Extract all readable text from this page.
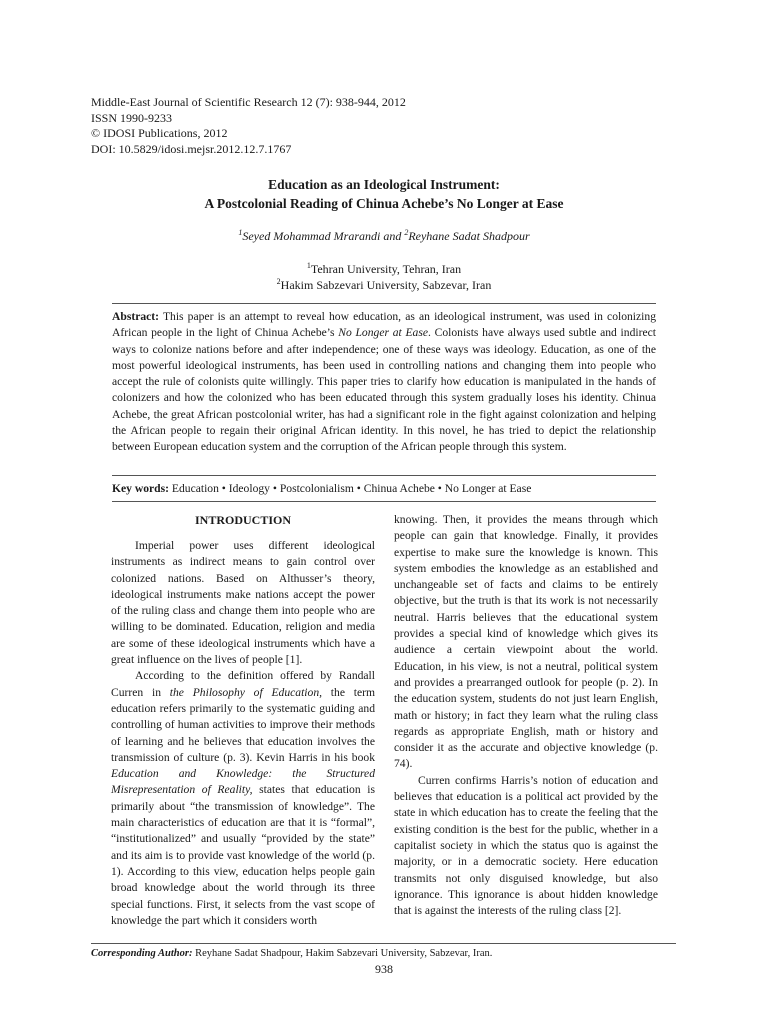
Middle-East Journal of Scientific Research 12 (7): 938-944, 2012
ISSN 1990-9233
© IDOSI Publications, 2012
DOI: 10.5829/idosi.mejsr.2012.12.7.1767
Education as an Ideological Instrument:
A Postcolonial Reading of Chinua Achebe’s No Longer at Ease
$^1$Seyed Mohammad Mrarandi and $^2$Reyhane Sadat Shadpour
$^1$Tehran University, Tehran, Iran
$^2$Hakim Sabzevari University, Sabzevar, Iran
Abstract: This paper is an attempt to reveal how education, as an ideological instrument, was used in colonizing African people in the light of Chinua Achebe’s No Longer at Ease. Colonists have always used subtle and indirect ways to colonize nations before and after independence; one of these ways was ideology. Education, as one of the most powerful ideological instruments, has been used in controlling nations and changing them into people who accept the rule of colonists quite willingly. This paper tries to clarify how education is manipulated in the hands of colonizers and how the colonized who has been educated through this system gradually loses his identity. Chinua Achebe, the great African postcolonial writer, has had a significant role in the fight against colonization and helping the African people to regain their original African identity. In this novel, he has tried to depict the relationship between European education system and the corruption of the African people through this system.
Key words: Education • Ideology • Postcolonialism • Chinua Achebe • No Longer at Ease
INTRODUCTION

Imperial power uses different ideological instruments as indirect means to gain control over colonized nations. Based on Althusser’s theory, ideological instruments make nations accept the power of the ruling class and change them into people who are willing to be dominated. Education, religion and media are some of these ideological instruments which have a great influence on the lives of people [1].

According to the definition offered by Randall Curren in the Philosophy of Education, the term education refers primarily to the systematic guiding and controlling of human activities to improve their methods of learning and he believes that education involves the transmission of culture (p. 3). Kevin Harris in his book Education and Knowledge: the Structured Misrepresentation of Reality, states that education is primarily about “the transmission of knowledge”. The main characteristics of education are that it is “formal”, “institutionalized” and usually “provided by the state” and its aim is to provide vast knowledge of the world (p. 1). According to this view, education helps people gain broad knowledge about the world through its three special functions. First, it selects from the vast scope of knowledge the part which it considers worth

knowing. Then, it provides the means through which people can gain that knowledge. Finally, it provides expertise to make sure the knowledge is known. This system embodies the knowledge as an established and unchangeable set of facts and claims to be entirely objective, but the truth is that its work is not necessarily neutral. Harris believes that the educational system provides a special kind of knowledge which gives its audience a certain viewpoint about the world. Education, in his view, is not a neutral, political system and provides a prearranged outlook for people (p. 2). In the education system, students do not just learn English, math or history; in fact they learn what the ruling class regards as appropriate English, math or history and consider it as the accurate and objective knowledge (p. 74).

Curren confirms Harris’s notion of education and believes that education is a political act provided by the state in which education has to create the feeling that the existing condition is the best for the public, whether in a capitalist society in which the status quo is against the majority, or in a democratic society. Here education transmits not only disguised knowledge, but also ignorance. This ignorance is about hidden knowledge that is against the interests of the ruling class [2].

Corresponding Author: Reyhane Sadat Shadpour, Hakim Sabzevari University, Sabzevar, Iran.
938
